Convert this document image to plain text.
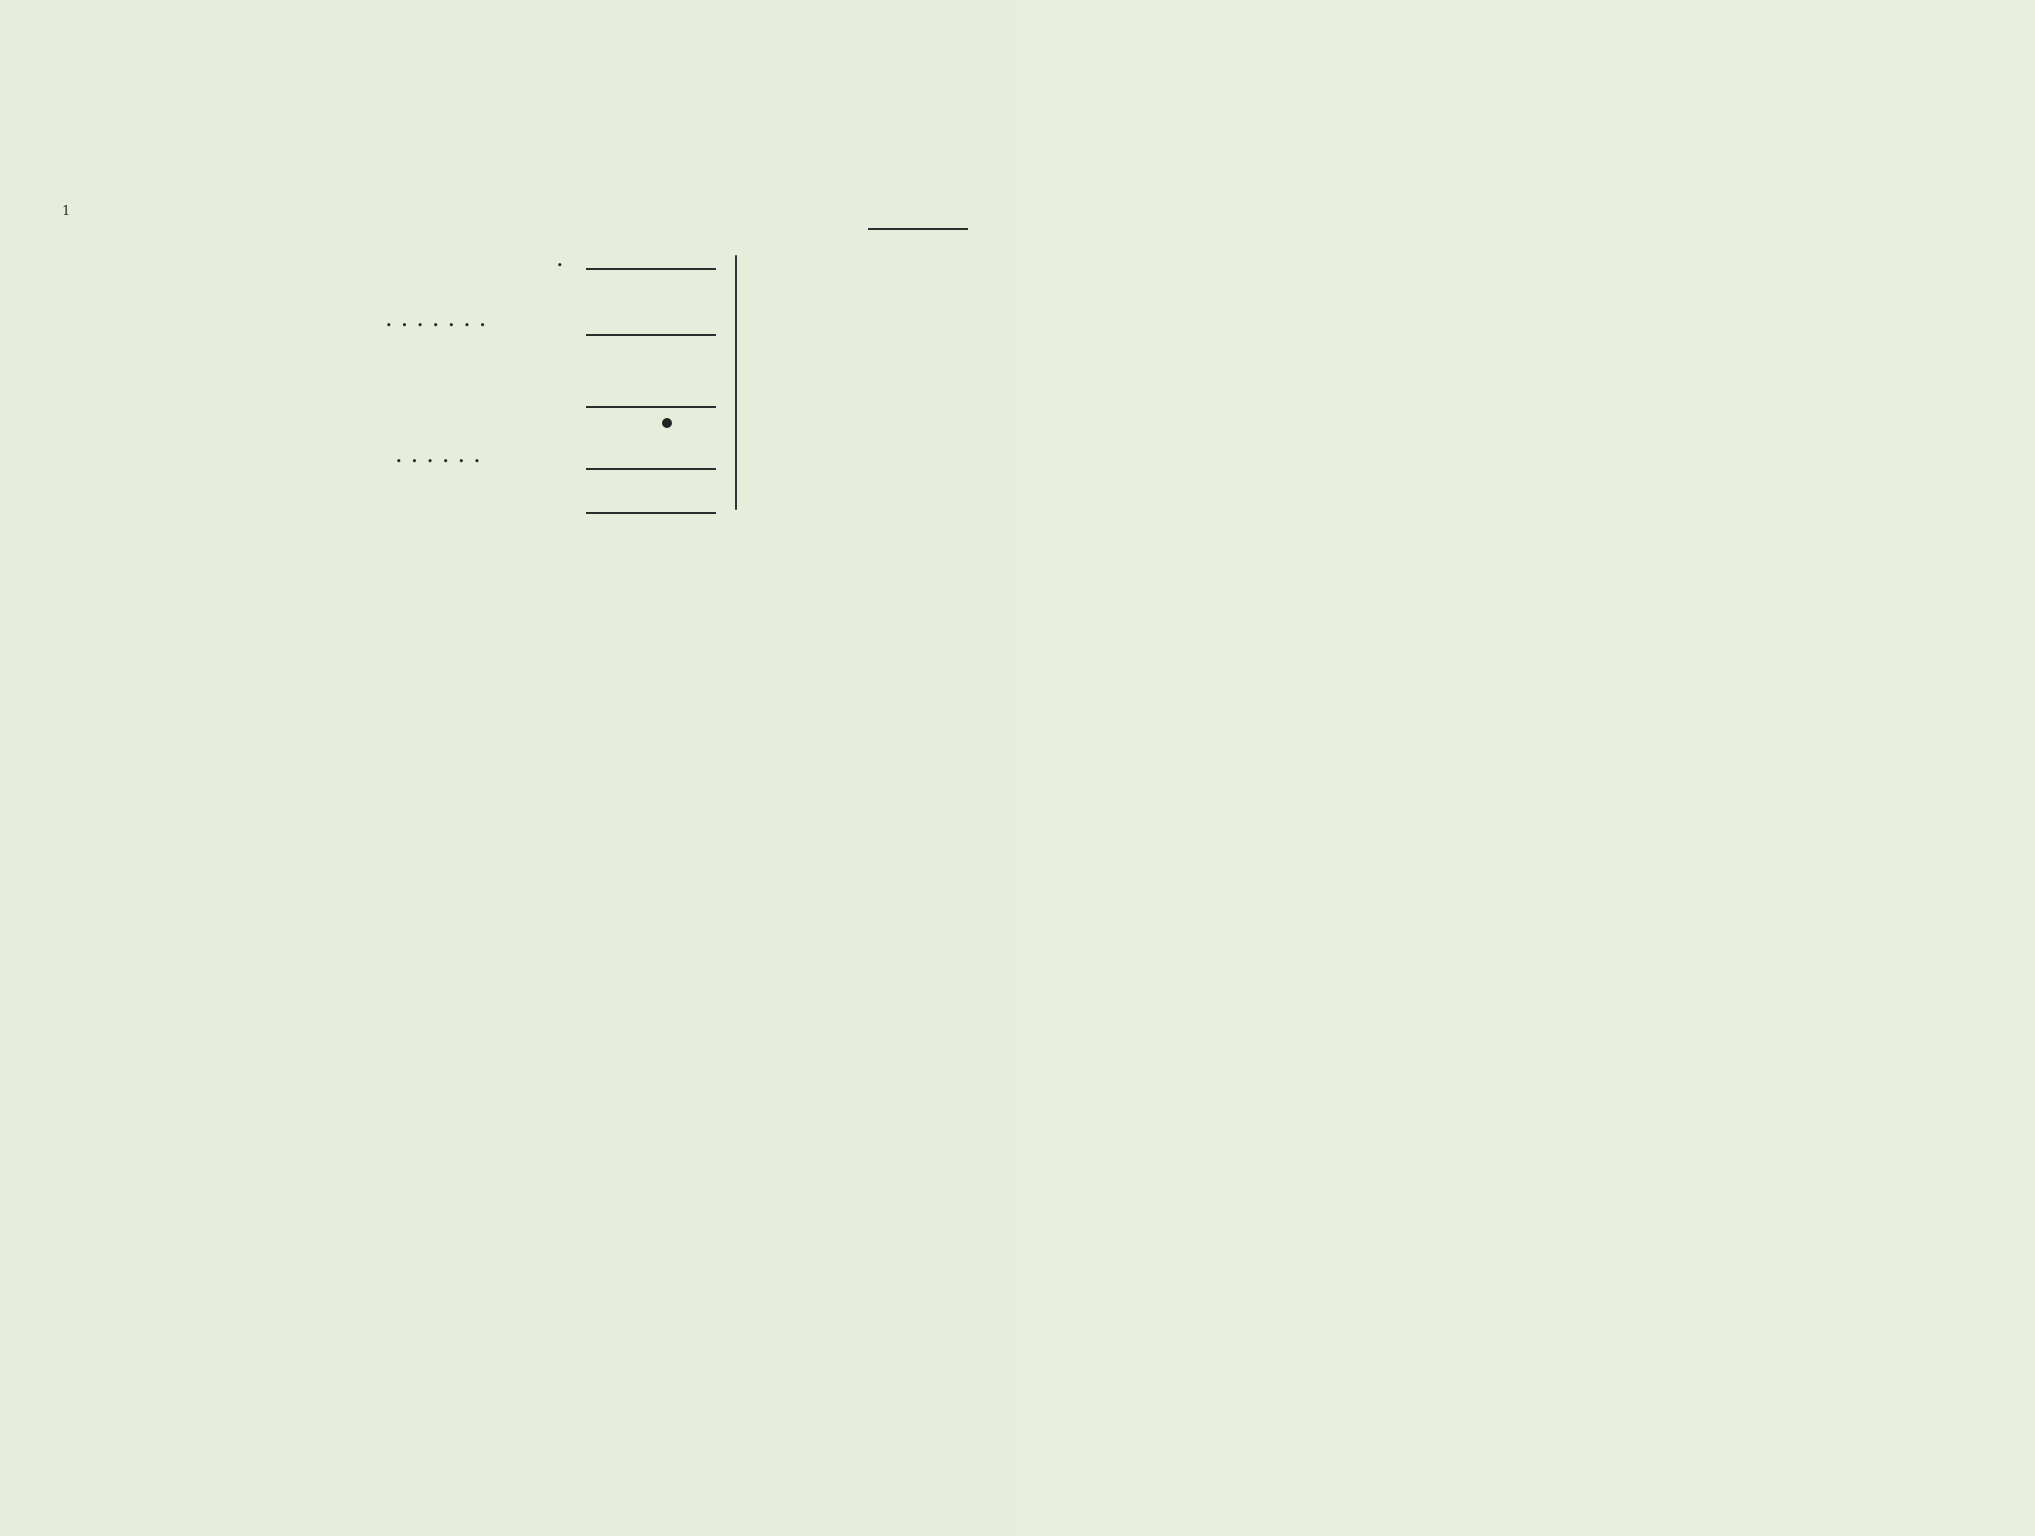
$^1$
.
.......
......
